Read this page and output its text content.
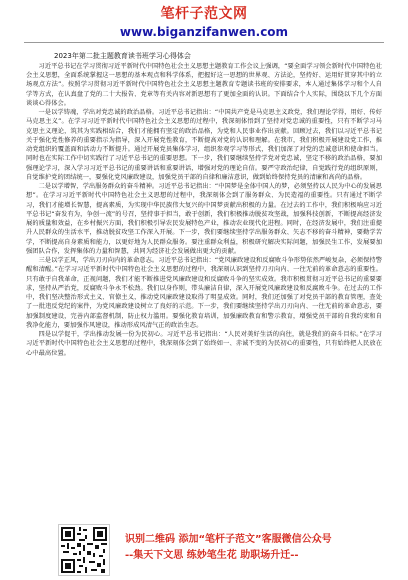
笔杆子范文网
www.biganzifanwen.com

2023年第二批主题教育读书班学习心得体会

习近平总书记在学习贯彻习近平新时代中国特色社会主义思想主题教育工作会议上强调，“要全面学习领会新时代中国特色社会主义思想，全面系统掌握这一思想的基本观点和科学体系，把握好这一思想的世界观、方法论，坚持好、运用好贯穿其中的立场观点方法”。按照学习贯彻习近平新时代中国特色社会主义思想主题教育专题读书班的安排要求，本人通过集体学习和个人自学等方式，在认真盘了党的二十大报告、党章等有关内容对新思想有了更加全面的认识。下面结合个人实际，围绕以下几个方面谈谈心得体会。

一是以学铸魂，学出对党忠诚的政治品格。习近平总书记指出：“中国共产党是马克思主义政党，我们理论学得，用好、传好马克思主义”。在学习习近平新时代中国特色社会主义思想的过程中，我深刻体悟到了坚持对党忠诚的重要性，只有不断学习马克思主义理论，筑其为实践相结合，我们才能拥有坚定的政治品格，为党和人民事业作出贡献。回顾过去，我们以习近平总书记关于强化党性修养的重要指示为指导，深入开展党性教育，不断提高对党的认识和理解。在我市，我们积极开展建设党工作，推动党组织的覆盖面和活动力不断提升。通过开展党员集体学习，组织参观学习等形式，我们加深了对党的忠诚意识和使命担当。同时也在实际工作中切实践行了习近平总书记的重要思想。下一步，我们要继续坚持学党对党忠诚，坚定不移的政治品格，要加强理论学习，深入学习习近平总书记的重要讲话和重要讲话，增强对党的理论自信。要严守政治纪律，自觉践行党的组织原则，自觉维护党的团结统一，要强化党风廉政建设，加强党员干部的自律和廉洁意识，做到始终保持党员的清廉和高尚的品格。

二是以学增智，学出服务群众的奋斗精神。习近平总书记指出：“中国梦是全体中国人的梦，必须坚持以人民为中心的发展思想”。在学习习近平新时代中国特色社会主义思想的过程中，我深刻体会到了服务群众、为民造福的重要性。只有通过不断学习，我们才能增长智慧，提高素质，为实现中华民族伟大复兴的中国梦贡献出积极的力量。在过去的工作中，我们积极响应习近平总书记“奋发有为，争创一流”的号召，坚持事于担当，敢于创新，我们积极推动脱贫攻坚战，加强科技创新，不断提高经济发展的质量和效益，在乡村振兴方面，我们积极引导农民发展特色产业，推动农业现代化进程。同时，在经济发展中，我们注重提升人民群众的生活水平，推动脱贫攻坚工作深入开展。下一步，我们要继续坚持学出服务群众、矢志不移的奋斗精神，要勤学苦学，不断提高自身素质和能力，以更好地为人民群众服务。要注重群众利益，积极研究解决实际问题，加强民生工作，发展要加强团队合作，发挥集体的力量和智慧，共同为经济社会发展做出更大的贡献。

三是以学正风，学出刀刃向内的革命意志。习近平总书记指出：“党风廉政建设和反腐败斗争形势依然严峻复杂，必须保持警醒和清醒。”在学习习近平新时代中国特色社会主义思想的过程中，我深刻认识到坚持刀刃向内、一往无前的革命意志的重要性。只有敢于自我革命，正视问题，我们才能不断推进党风廉政建设和反腐败斗争的坚实成效。我市积极贯彻习近平总书记的重要要求，坚持从严治党，反腐败斗争永不松劲。我们以身作则，带头廉洁自律，深入开展党风廉政建设和反腐败斗争。在过去的工作中，我们坚决整治形式主义、官僚主义，推动党风廉政建设取得了明显成效。同时，我们还加强了对党员干部的教育管理，查处了一批违反党纪的案件，为党风廉政建设树立了良好的示范。下一步，我们要继续坚持学出刀刃向内、一往无前的革命意志，要加强制度建设，完善内部监督机制，防止权力滥用。要强化教育培训，加强廉政教育和警示教育，增强党员干部的自我约束和自我净化能力，要加强作风建设，推动形成风清气正的政治生态。

四是以学促干，学出推动发展一份为民初心。习近平总书记指出：“人民对美好生活的向往，就是我们的奋斗目标。”在学习习近平新时代中国特色社会主义思想的过程中，我深刻体会到了始终如一、赤诚不变的为民初心的重要性，只有始终把人民放在心中最高位置。

识别二维码 添加“笔杆子范文”客服微信公众号
--集天下文思 练妙笔生花 助职场升迁--
